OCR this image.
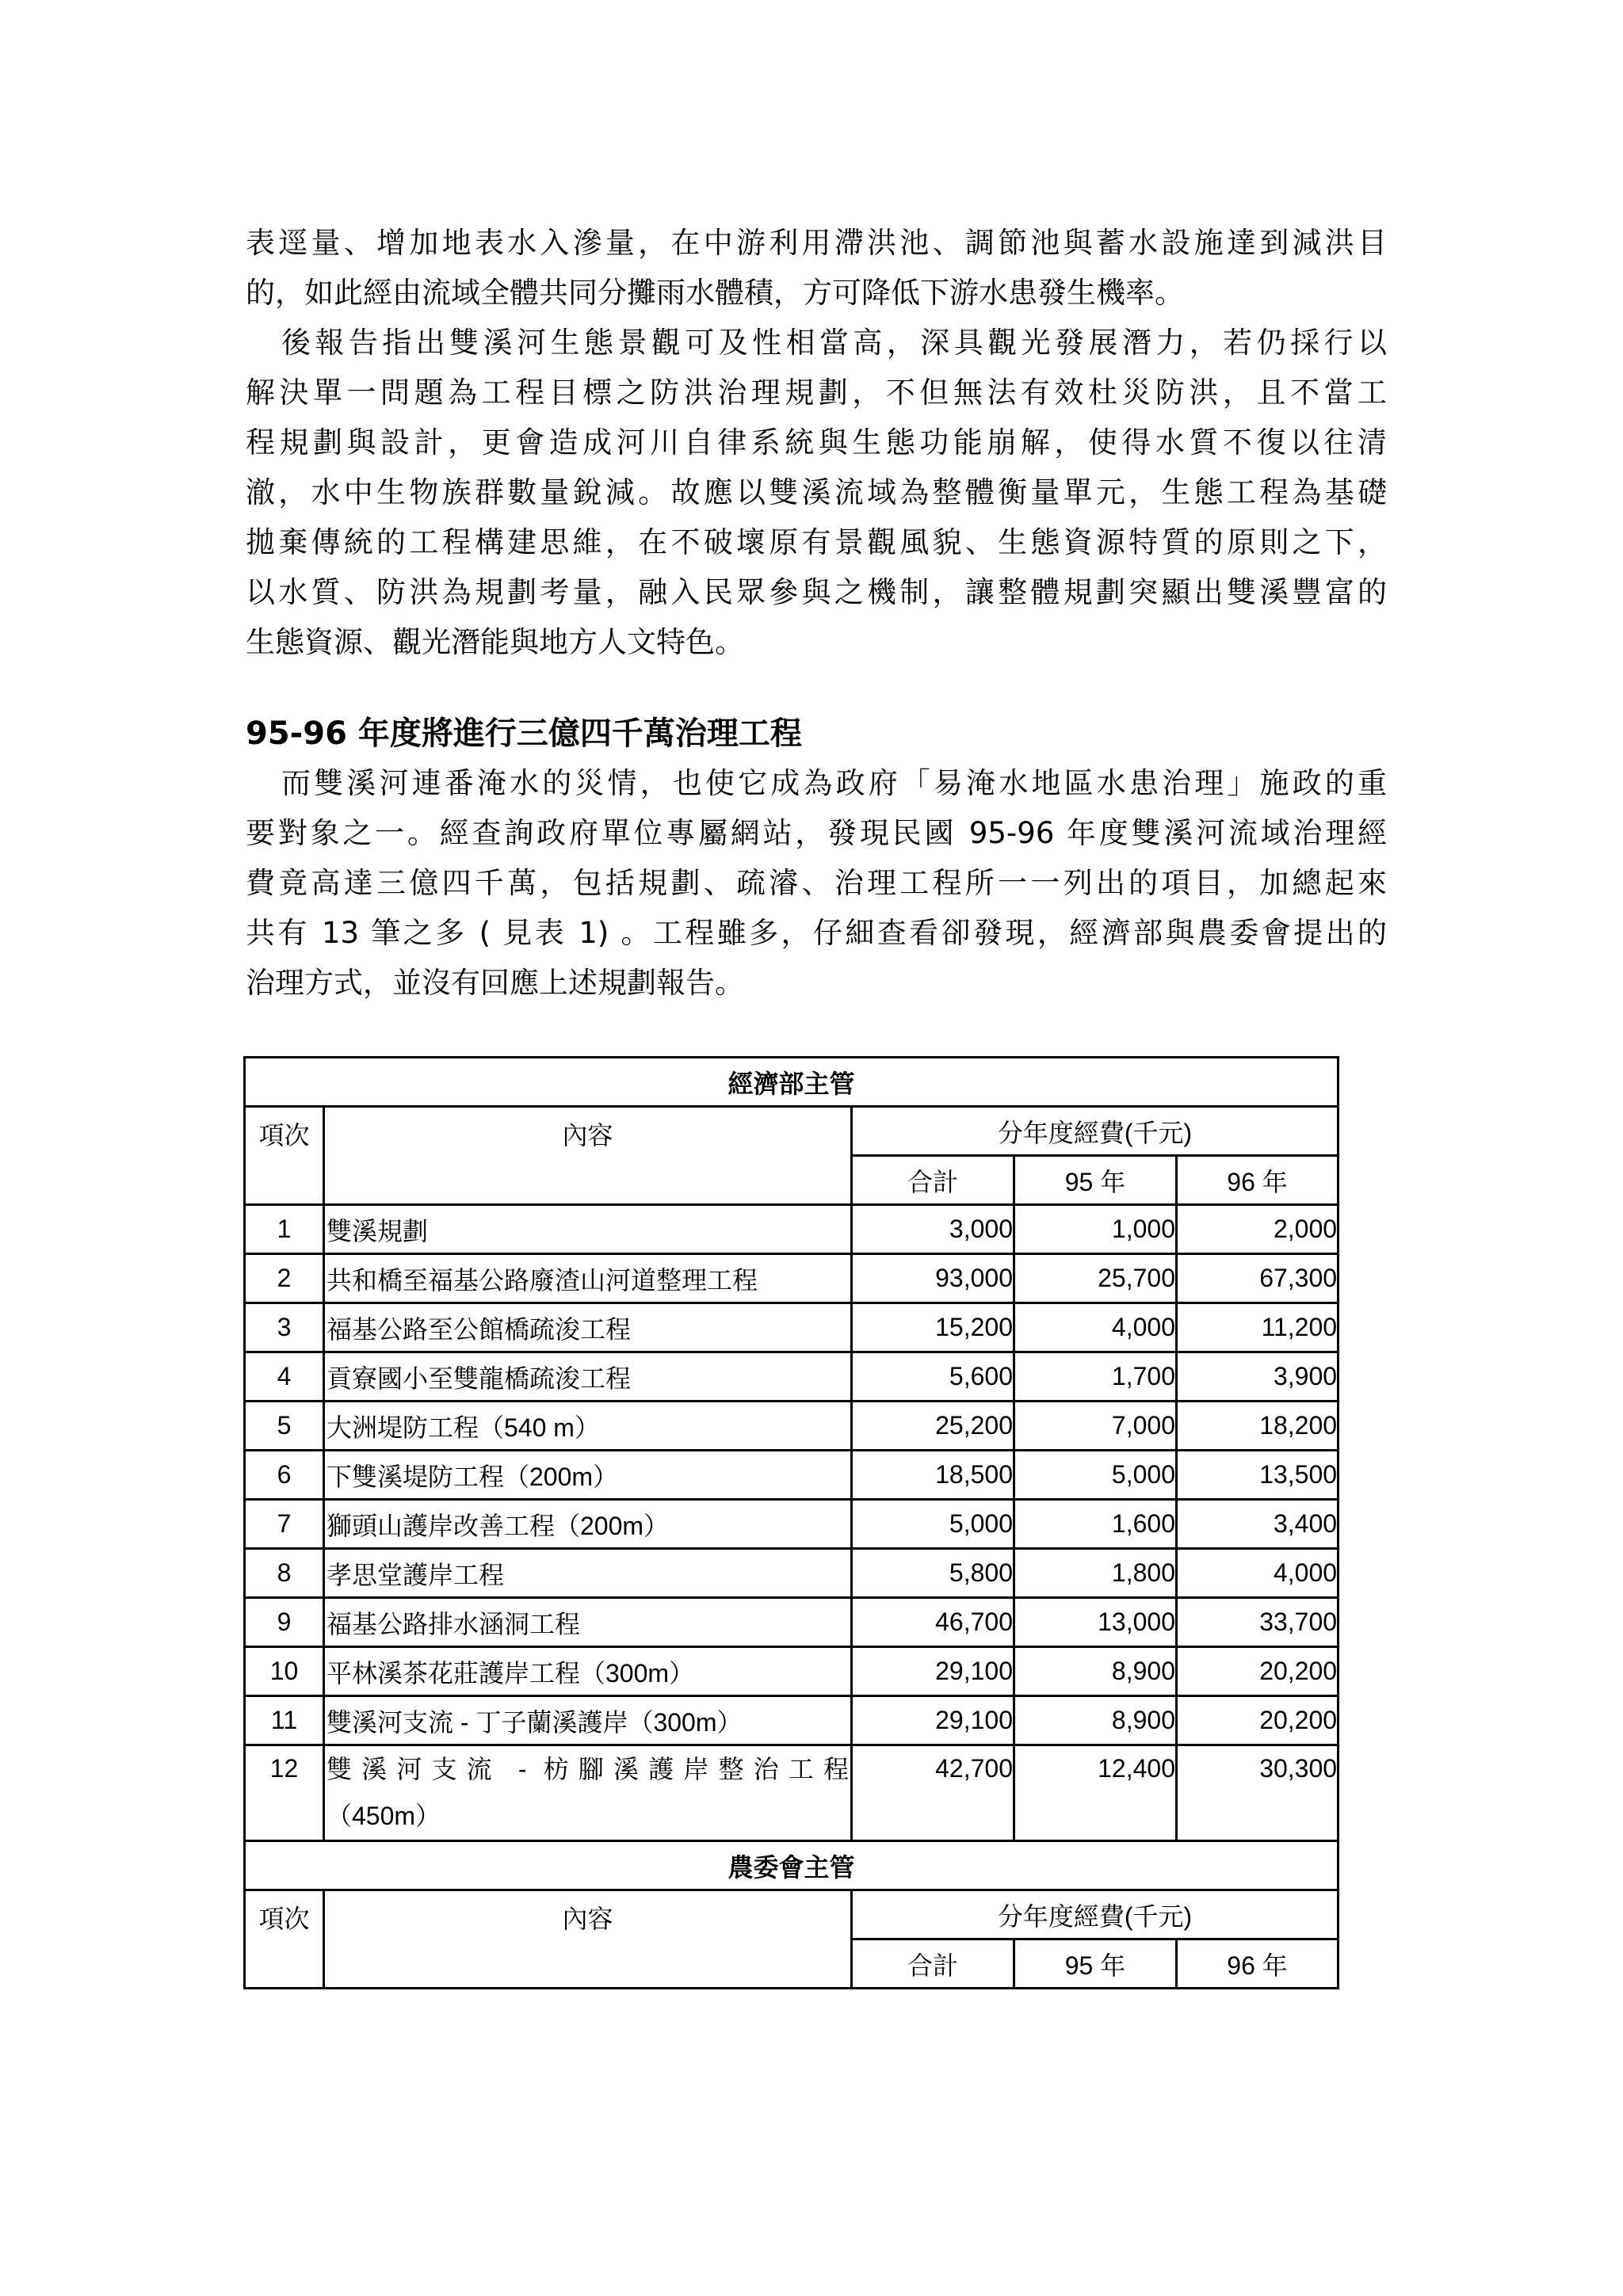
表逕量、增加地表水入滲量，在中游利用滯洪池、調節池與蓄水設施達到減洪目
的，如此經由流域全體共同分攤雨水體積，方可降低下游水患發生機率。
後報告指出雙溪河生態景觀可及性相當高，深具觀光發展潛力，若仍採行以
解決單一問題為工程目標之防洪治理規劃，不但無法有效杜災防洪，且不當工
程規劃與設計，更會造成河川自律系統與生態功能崩解，使得水質不復以往清
澈，水中生物族群數量銳減。故應以雙溪流域為整體衡量單元，生態工程為基礎
拋棄傳統的工程構建思維，在不破壞原有景觀風貌、生態資源特質的原則之下，
以水質、防洪為規劃考量，融入民眾參與之機制，讓整體規劃突顯出雙溪豐富的
生態資源、觀光潛能與地方人文特色。
95-96 年度將進行三億四千萬治理工程
而雙溪河連番淹水的災情，也使它成為政府「易淹水地區水患治理」施政的重
要對象之一。經查詢政府單位專屬網站，發現民國 95-96 年度雙溪河流域治理經
費竟高達三億四千萬，包括規劃、疏濬、治理工程所一一列出的項目，加總起來
共有 13 筆之多 ( 見表 1) 。工程雖多，仔細查看卻發現，經濟部與農委會提出的
治理方式，並沒有回應上述規劃報告。
經濟部主管				
項次	內容	分年度經費(千元)		
		合計	95 年	96 年
1	雙溪規劃	3,000	1,000	2,000
2	共和橋至福基公路廢渣山河道整理工程	93,000	25,700	67,300
3	福基公路至公館橋疏浚工程	15,200	4,000	11,200
4	貢寮國小至雙龍橋疏浚工程	5,600	1,700	3,900
5	大洲堤防工程（540 m）	25,200	7,000	18,200
6	下雙溪堤防工程（200m）	18,500	5,000	13,500
7	獅頭山護岸改善工程（200m）	5,000	1,600	3,400
8	孝思堂護岸工程	5,800	1,800	4,000
9	福基公路排水涵洞工程	46,700	13,000	33,700
10	平林溪茶花莊護岸工程（300m）	29,100	8,900	20,200
11	雙溪河支流 - 丁子蘭溪護岸（300m）	29,100	8,900	20,200
12	雙溪河支流 - 枋腳溪護岸整治工程
（450m）	42,700	12,400	30,300
農委會主管				
項次	內容	分年度經費(千元)		
		合計	95 年	96 年
